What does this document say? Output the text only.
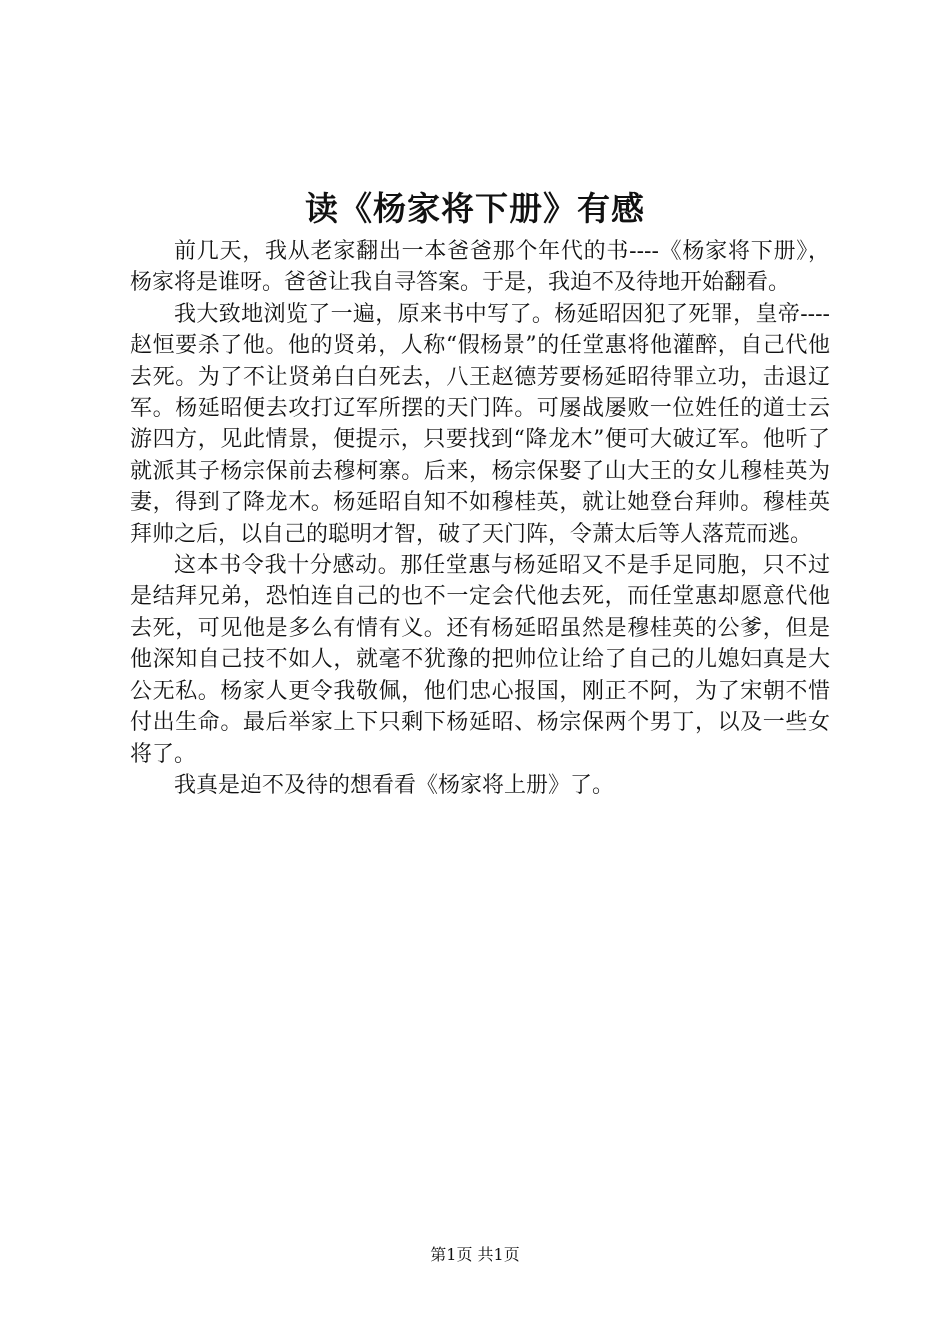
读《杨家将下册》有感

前几天，我从老家翻出一本爸爸那个年代的书----《杨家将下册》，杨家将是谁呀。爸爸让我自寻答案。于是，我迫不及待地开始翻看。

我大致地浏览了一遍，原来书中写了。杨延昭因犯了死罪，皇帝----赵恒要杀了他。他的贤弟，人称“假杨景”的任堂惠将他灌醉，自己代他去死。为了不让贤弟白白死去，八王赵德芳要杨延昭待罪立功，击退辽军。杨延昭便去攻打辽军所摆的天门阵。可屡战屡败一位姓任的道士云游四方，见此情景，便提示，只要找到“降龙木”便可大破辽军。他听了就派其子杨宗保前去穆柯寨。后来，杨宗保娶了山大王的女儿穆桂英为妻，得到了降龙木。杨延昭自知不如穆桂英，就让她登台拜帅。穆桂英拜帅之后，以自己的聪明才智，破了天门阵，令萧太后等人落荒而逃。

这本书令我十分感动。那任堂惠与杨延昭又不是手足同胞，只不过是结拜兄弟，恐怕连自己的也不一定会代他去死，而任堂惠却愿意代他去死，可见他是多么有情有义。还有杨延昭虽然是穆桂英的公爹，但是他深知自己技不如人，就毫不犹豫的把帅位让给了自己的儿媳妇真是大公无私。杨家人更令我敬佩，他们忠心报国，刚正不阿，为了宋朝不惜付出生命。最后举家上下只剩下杨延昭、杨宗保两个男丁，以及一些女将了。

我真是迫不及待的想看看《杨家将上册》了。

第1页 共1页
